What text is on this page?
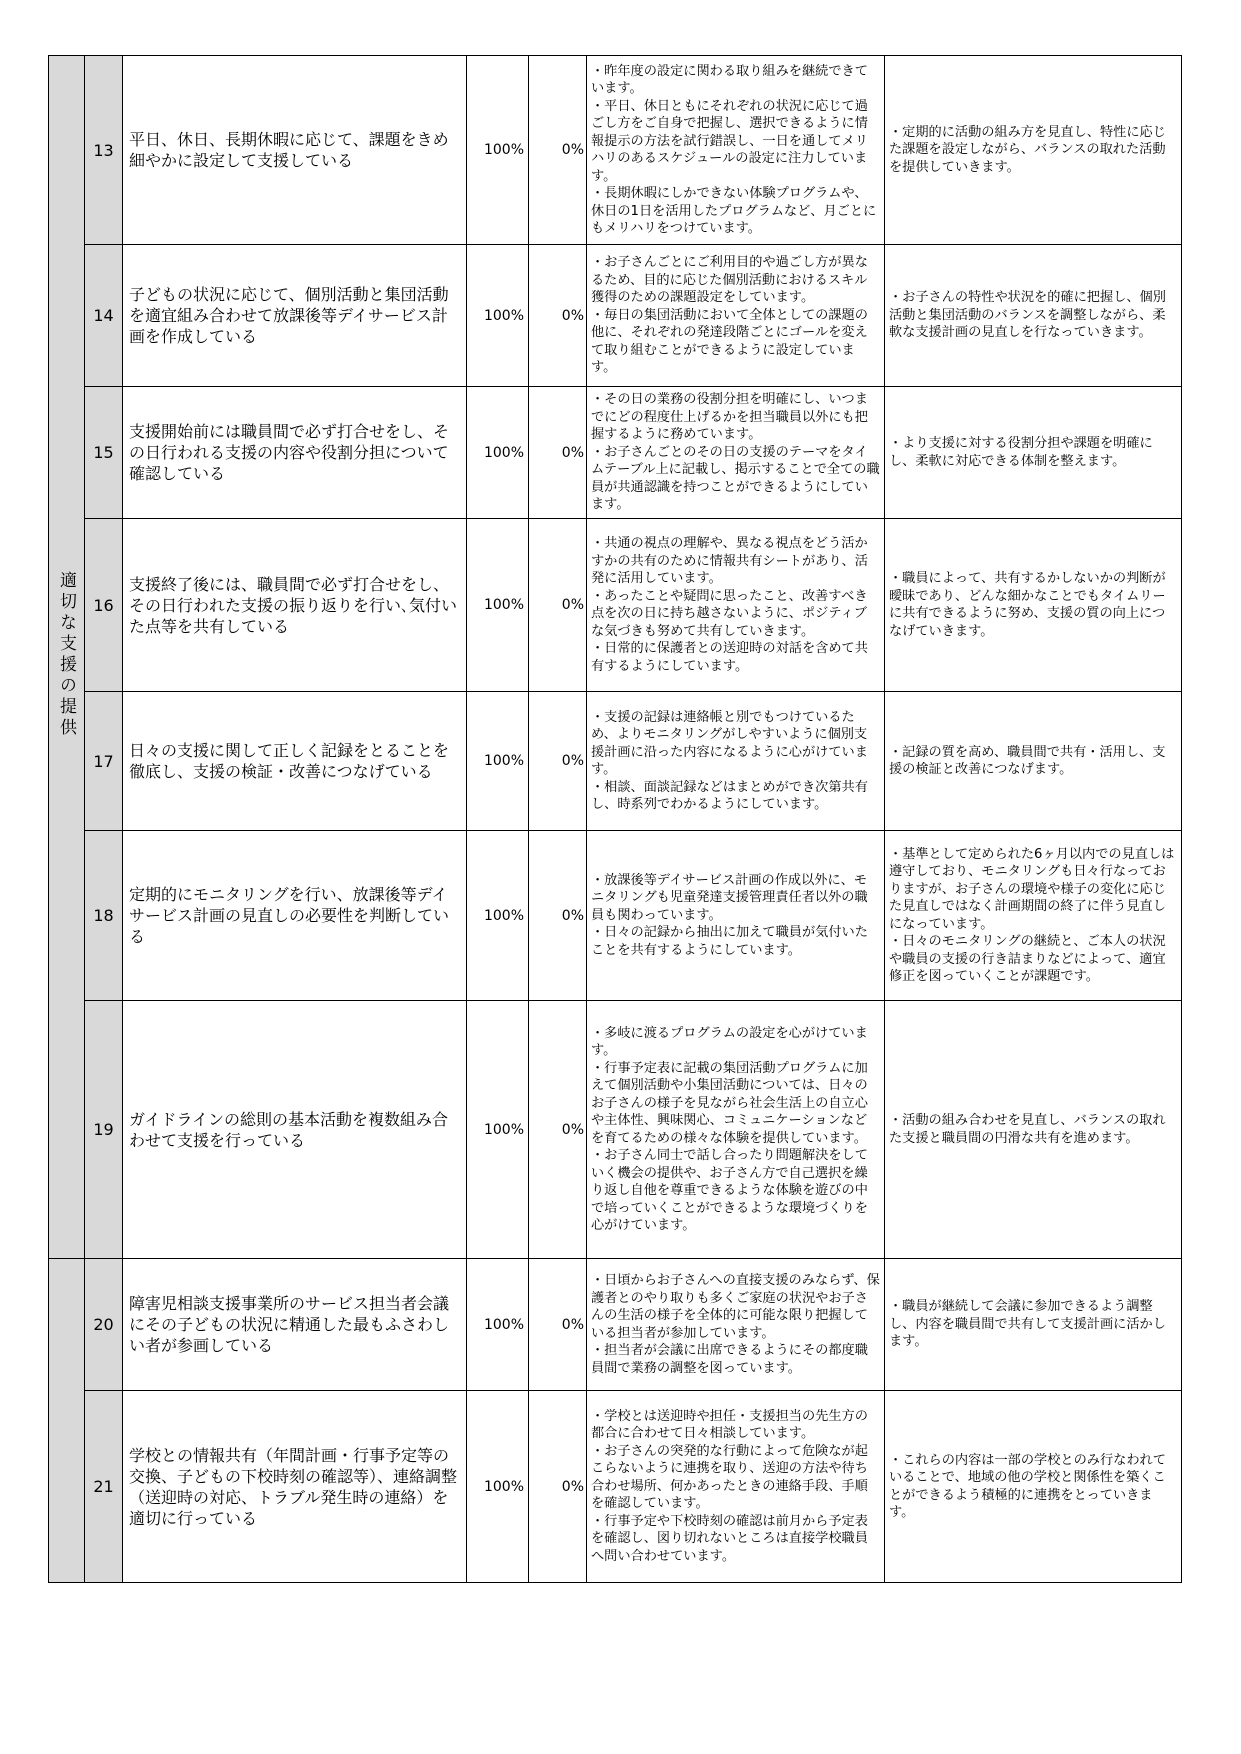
適切な支援の提供	13	平日、休日、長期休暇に応じて、課題をきめ細やかに設定して支援している	100%	0%	・昨年度の設定に関わる取り組みを継続できています。
・平日、休日ともにそれぞれの状況に応じて過ごし方をご自身で把握し、選択できるように情報提示の方法を試行錯誤し、一日を通してメリハリのあるスケジュールの設定に注力しています。
・長期休暇にしかできない体験プログラムや、休日の1日を活用したプログラムなど、月ごとにもメリハリをつけています。	・定期的に活動の組み方を見直し、特性に応じた課題を設定しながら、バランスの取れた活動を提供していきます。
	14	子どもの状況に応じて、個別活動と集団活動を適宜組み合わせて放課後等デイサービス計画を作成している	100%	0%	・お子さんごとにご利用目的や過ごし方が異なるため、目的に応じた個別活動におけるスキル獲得のための課題設定をしています。
・毎日の集団活動において全体としての課題の他に、それぞれの発達段階ごとにゴールを変えて取り組むことができるように設定しています。	・お子さんの特性や状況を的確に把握し、個別活動と集団活動のバランスを調整しながら、柔軟な支援計画の見直しを行なっていきます。
	15	支援開始前には職員間で必ず打合せをし、その日行われる支援の内容や役割分担について確認している	100%	0%	・その日の業務の役割分担を明確にし、いつまでにどの程度仕上げるかを担当職員以外にも把握するように務めています。
・お子さんごとのその日の支援のテーマをタイムテーブル上に記載し、掲示することで全ての職員が共通認識を持つことができるようにしています。	・より支援に対する役割分担や課題を明確にし、柔軟に対応できる体制を整えます。
	16	支援終了後には、職員間で必ず打合せをし、その日行われた支援の振り返りを行い､気付いた点等を共有している	100%	0%	・共通の視点の理解や、異なる視点をどう活かすかの共有のために情報共有シートがあり、活発に活用しています。
・あったことや疑問に思ったこと、改善すべき点を次の日に持ち越さないように、ポジティブな気づきも努めて共有していきます。
・日常的に保護者との送迎時の対話を含めて共有するようにしています。	・職員によって、共有するかしないかの判断が曖昧であり、どんな細かなことでもタイムリーに共有できるように努め、支援の質の向上につなげていきます。
	17	日々の支援に関して正しく記録をとることを徹底し、支援の検証・改善につなげている	100%	0%	・支援の記録は連絡帳と別でもつけているため、よりモニタリングがしやすいように個別支援計画に沿った内容になるように心がけています。
・相談、面談記録などはまとめができ次第共有し、時系列でわかるようにしています。	・記録の質を高め、職員間で共有・活用し、支援の検証と改善につなげます。
	18	定期的にモニタリングを行い、放課後等デイサービス計画の見直しの必要性を判断している	100%	0%	・放課後等デイサービス計画の作成以外に、モニタリングも児童発達支援管理責任者以外の職員も関わっています。
・日々の記録から抽出に加えて職員が気付いたことを共有するようにしています。	・基準として定められた6ヶ月以内での見直しは遵守しており、モニタリングも日々行なっておりますが、お子さんの環境や様子の変化に応じた見直しではなく計画期間の終了に伴う見直しになっています。
・日々のモニタリングの継続と、ご本人の状況や職員の支援の行き詰まりなどによって、適宜修正を図っていくことが課題です。
	19	ガイドラインの総則の基本活動を複数組み合わせて支援を行っている	100%	0%	・多岐に渡るプログラムの設定を心がけています。
・行事予定表に記載の集団活動プログラムに加えて個別活動や小集団活動については、日々のお子さんの様子を見ながら社会生活上の自立心や主体性、興味関心、コミュニケーションなどを育てるための様々な体験を提供しています。
・お子さん同士で話し合ったり問題解決をしていく機会の提供や、お子さん方で自己選択を繰り返し自他を尊重できるような体験を遊びの中で培っていくことができるような環境づくりを心がけています。	・活動の組み合わせを見直し、バランスの取れた支援と職員間の円滑な共有を進めます。
	20	障害児相談支援事業所のサービス担当者会議にその子どもの状況に精通した最もふさわしい者が参画している	100%	0%	・日頃からお子さんへの直接支援のみならず、保護者とのやり取りも多くご家庭の状況やお子さんの生活の様子を全体的に可能な限り把握している担当者が参加しています。
・担当者が会議に出席できるようにその都度職員間で業務の調整を図っています。	・職員が継続して会議に参加できるよう調整し、内容を職員間で共有して支援計画に活かします。
	21	学校との情報共有（年間計画・行事予定等の交換、子どもの下校時刻の確認等）、連絡調整（送迎時の対応、トラブル発生時の連絡）を適切に行っている	100%	0%	・学校とは送迎時や担任・支援担当の先生方の都合に合わせて日々相談しています。
・お子さんの突発的な行動によって危険なが起こらないように連携を取り、送迎の方法や待ち合わせ場所、何かあったときの連絡手段、手順を確認しています。
・行事予定や下校時刻の確認は前月から予定表を確認し、図り切れないところは直接学校職員へ問い合わせています。	・これらの内容は一部の学校とのみ行なわれていることで、地域の他の学校と関係性を築くことができるよう積極的に連携をとっていきます。
